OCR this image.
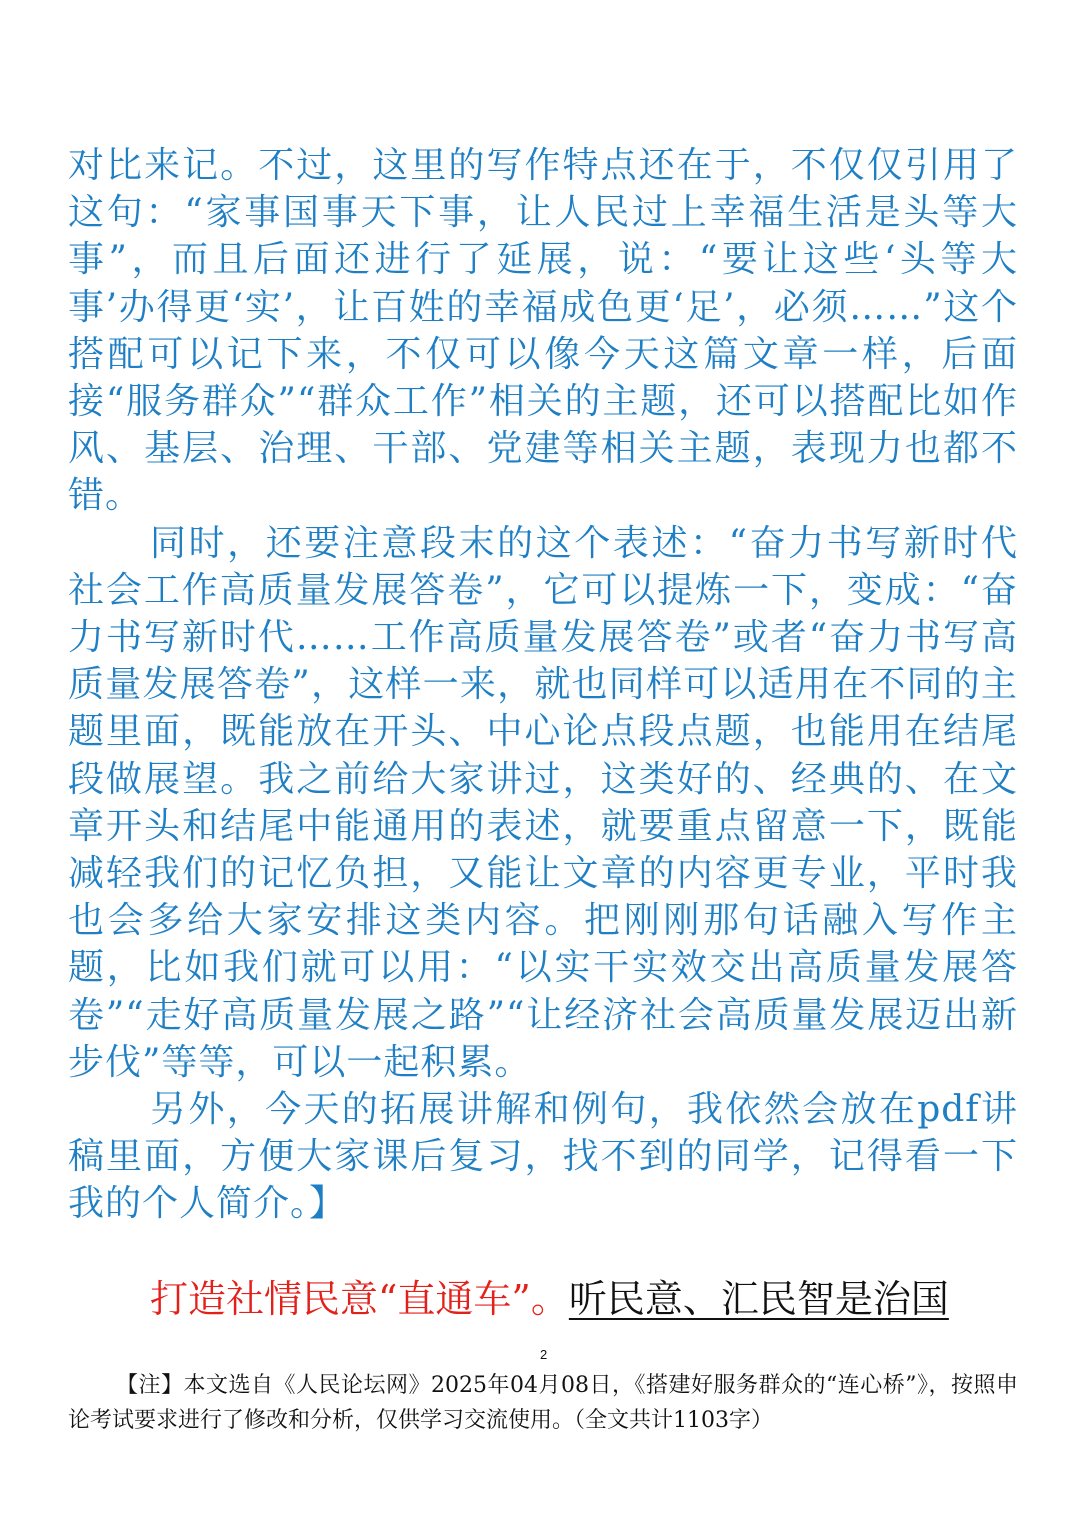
对比来记。不过，这里的写作特点还在于，不仅仅引用了这句：“家事国事天下事，让人民过上幸福生活是头等大事”，而且后面还进行了延展，说：“要让这些‘头等大事’办得更‘实’，让百姓的幸福成色更‘足’，必须……”这个搭配可以记下来，不仅可以像今天这篇文章一样，后面接“服务群众”“群众工作”相关的主题，还可以搭配比如作风、基层、治理、干部、党建等相关主题，表现力也都不错。

同时，还要注意段末的这个表述：“奋力书写新时代社会工作高质量发展答卷”，它可以提炼一下，变成：“奋力书写新时代……工作高质量发展答卷”或者“奋力书写高质量发展答卷”，这样一来，就也同样可以适用在不同的主题里面，既能放在开头、中心论点段点题，也能用在结尾段做展望。我之前给大家讲过，这类好的、经典的、在文章开头和结尾中能通用的表述，就要重点留意一下，既能减轻我们的记忆负担，又能让文章的内容更专业，平时我也会多给大家安排这类内容。把刚刚那句话融入写作主题，比如我们就可以用：“以实干实效交出高质量发展答卷”“走好高质量发展之路”“让经济社会高质量发展迈出新步伐”等等，可以一起积累。

另外，今天的拓展讲解和例句，我依然会放在pdf讲稿里面，方便大家课后复习，找不到的同学，记得看一下我的个人简介。】

打造社情民意“直通车”。听民意、汇民智是治国
2

【注】本文选自《人民论坛网》2025年04月08日，《搭建好服务群众的“连心桥”》，按照申论考试要求进行了修改和分析，仅供学习交流使用。（全文共计1103字）
